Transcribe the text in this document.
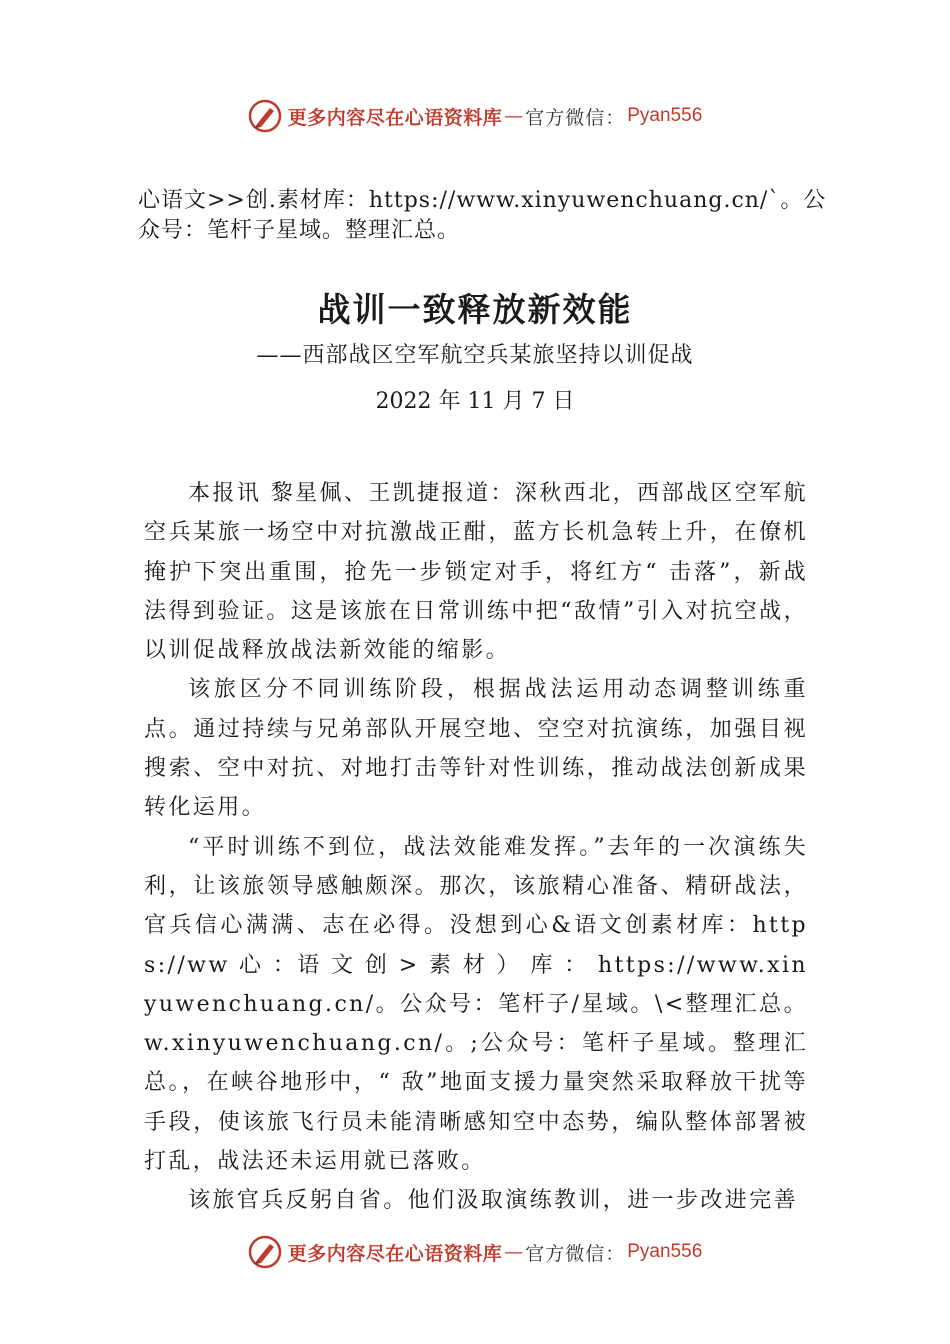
更多内容尽在心语资料库 — 官方微信： Pyan556
心语文>>创.素材库：https://www.xinyuwenchuang.cn/`。公众号：笔杆子星域。整理汇总。
战训一致释放新效能
——西部战区空军航空兵某旅坚持以训促战
2022 年 11 月 7 日

本报讯 黎星佩、王凯捷报道：深秋西北，西部战区空军航空兵某旅一场空中对抗激战正酣，蓝方长机急转上升，在僚机掩护下突出重围，抢先一步锁定对手，将红方“ 击落”，新战法得到验证。这是该旅在日常训练中把“敌情”引入对抗空战，以训促战释放战法新效能的缩影。

该旅区分不同训练阶段，根据战法运用动态调整训练重点。通过持续与兄弟部队开展空地、空空对抗演练，加强目视搜索、空中对抗、对地打击等针对性训练，推动战法创新成果转化运用。

“平时训练不到位，战法效能难发挥。”去年的一次演练失利，让该旅领导感触颇深。那次，该旅精心准备、精研战法，官兵信心满满、志在必得。没想到心&语文创素材库：https://ww 心 ：语 文 创 > 素 材 ） 库 ： https://www.xinyuwenchuang.cn/。公众号：笔杆子/星域。\<整理汇总。w.xinyuwenchuang.cn/。;公众号：笔杆子星域。整理汇总。，在峡谷地形中，“ 敌”地面支援力量突然采取释放干扰等手段，使该旅飞行员未能清晰感知空中态势，编队整体部署被打乱，战法还未运用就已落败。

该旅官兵反躬自省。他们汲取演练教训，进一步改进完善

更多内容尽在心语资料库 — 官方微信： Pyan556
